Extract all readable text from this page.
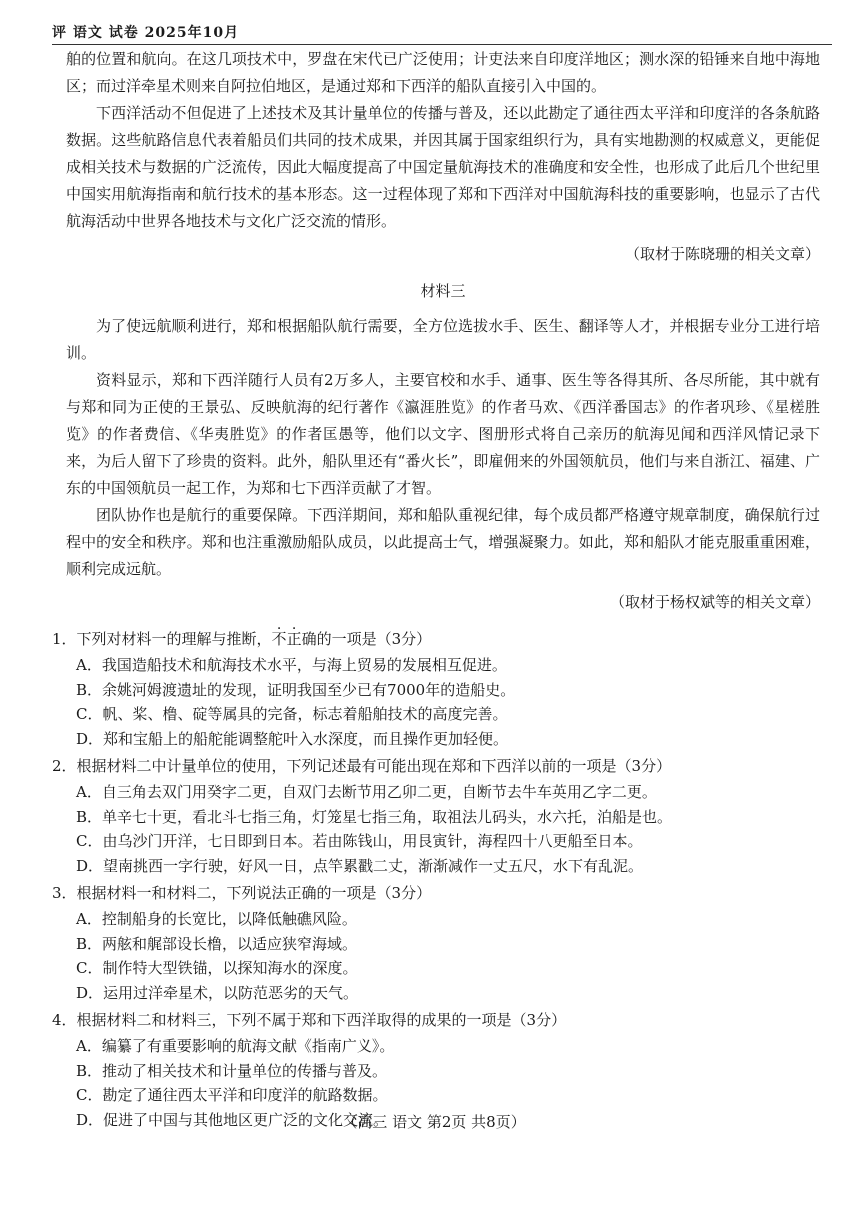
评 语文 试卷 2025年10月

舶的位置和航向。在这几项技术中，罗盘在宋代已广泛使用；计吏法来自印度洋地区；测水深的铅锤来自地中海地区；而过洋牵星术则来自阿拉伯地区，是通过郑和下西洋的船队直接引入中国的。

下西洋活动不但促进了上述技术及其计量单位的传播与普及，还以此勘定了通往西太平洋和印度洋的各条航路数据。这些航路信息代表着船员们共同的技术成果，并因其属于国家组织行为，具有实地勘测的权威意义，更能促成相关技术与数据的广泛流传，因此大幅度提高了中国定量航海技术的准确度和安全性，也形成了此后几个世纪里中国实用航海指南和航行技术的基本形态。这一过程体现了郑和下西洋对中国航海科技的重要影响，也显示了古代航海活动中世界各地技术与文化广泛交流的情形。

（取材于陈晓珊的相关文章）

材料三

为了使远航顺利进行，郑和根据船队航行需要，全方位选拔水手、医生、翻译等人才，并根据专业分工进行培训。

资料显示，郑和下西洋随行人员有2万多人，主要官校和水手、通事、医生等各得其所、各尽所能，其中就有与郑和同为正使的王景弘、反映航海的纪行著作《瀛涯胜览》的作者马欢、《西洋番国志》的作者巩珍、《星槎胜览》的作者费信、《华夷胜览》的作者匡愚等，他们以文字、图册形式将自己亲历的航海见闻和西洋风情记录下来，为后人留下了珍贵的资料。此外，船队里还有“番火长”，即雇佣来的外国领航员，他们与来自浙江、福建、广东的中国领航员一起工作，为郑和七下西洋贡献了才智。

团队协作也是航行的重要保障。下西洋期间，郑和船队重视纪律，每个成员都严格遵守规章制度，确保航行过程中的安全和秩序。郑和也注重激励船队成员，以此提高士气，增强凝聚力。如此，郑和船队才能克服重重困难，顺利完成远航。

（取材于杨权斌等的相关文章）

1．下列对材料一的理解与推断，不正确的一项是（3分）

A．我国造船技术和航海技术水平，与海上贸易的发展相互促进。

B．余姚河姆渡遗址的发现，证明我国至少已有7000年的造船史。

C．帆、桨、橹、碇等属具的完备，标志着船舶技术的高度完善。

D．郑和宝船上的船舵能调整舵叶入水深度，而且操作更加轻便。

2．根据材料二中计量单位的使用，下列记述最有可能出现在郑和下西洋以前的一项是（3分）

A．自三角去双门用癸字二更，自双门去断节用乙卯二更，自断节去牛车英用乙字二更。

B．单辛七十更，看北斗七指三角，灯笼星七指三角，取祖法儿码头，水六托，泊船是也。

C．由乌沙门开洋，七日即到日本。若由陈钱山，用艮寅针，海程四十八更船至日本。

D．望南挑西一字行驶，好风一日，点竿累戳二丈，渐渐减作一丈五尺，水下有乱泥。

3．根据材料一和材料二，下列说法正确的一项是（3分）

A．控制船身的长宽比，以降低触礁风险。

B．两舷和艉部设长橹，以适应狭窄海域。

C．制作特大型铁锚，以探知海水的深度。

D．运用过洋牵星术，以防范恶劣的天气。

4．根据材料二和材料三，下列不属于郑和下西洋取得的成果的一项是（3分）

A．编纂了有重要影响的航海文献《指南广义》。

B．推动了相关技术和计量单位的传播与普及。

C．勘定了通往西太平洋和印度洋的航路数据。

D．促进了中国与其他地区更广泛的文化交流。

（高三 语文 第2页 共8页）
